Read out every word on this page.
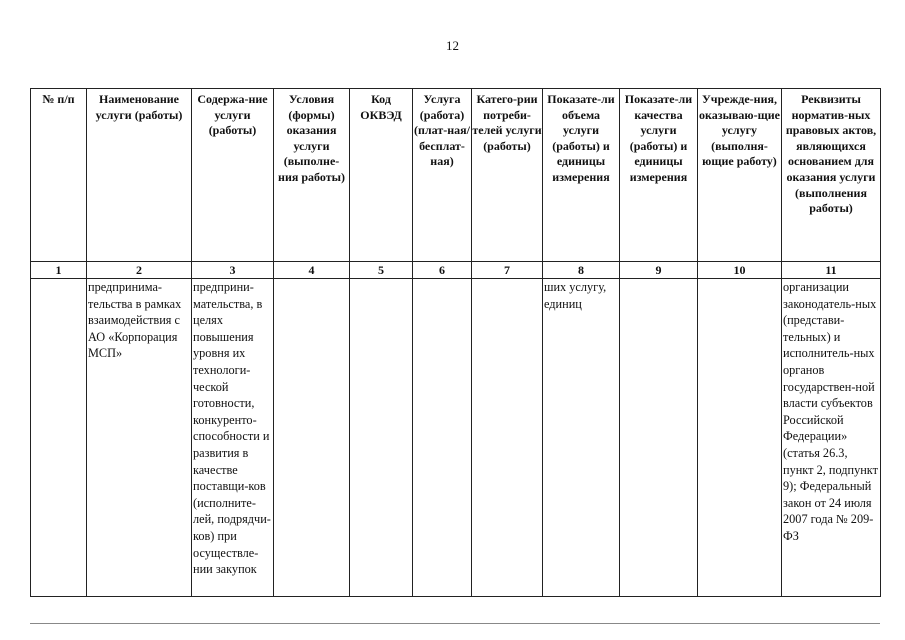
12
№ п/п	Наименование услуги (работы)	Содержа-ние услуги (работы)	Условия (формы) оказания услуги (выполне-ния работы)	Код ОКВЭД	Услуга (работа) (плат-ная/ бесплат-ная)	Катего-рии потреби-телей услуги (работы)	Показате-ли объема услуги (работы) и единицы измерения	Показате-ли качества услуги (работы) и единицы измерения	Учрежде-ния, оказываю-щие услугу (выполня-ющие работу)	Реквизиты норматив-ных правовых актов, являющихся основанием для оказания услуги (выполнения работы)
1	2	3	4	5	6	7	8	9	10	11

	предпринима-тельства в рамках взаимодействия с АО «Корпорация МСП»	предприни-мательства, в целях повышения уровня их технологи-ческой готовности, конкуренто-способности и развития в качестве поставщи-ков (исполните-лей, подрядчи-ков) при осуществле-нии закупок					ших услугу, единиц			организации законодатель-ных (представи-тельных) и исполнитель-ных органов государствен-ной власти субъектов Российской Федерации» (статья 26.3, пункт 2, подпункт 9); Федеральный закон от 24 июля 2007 года № 209-ФЗ
